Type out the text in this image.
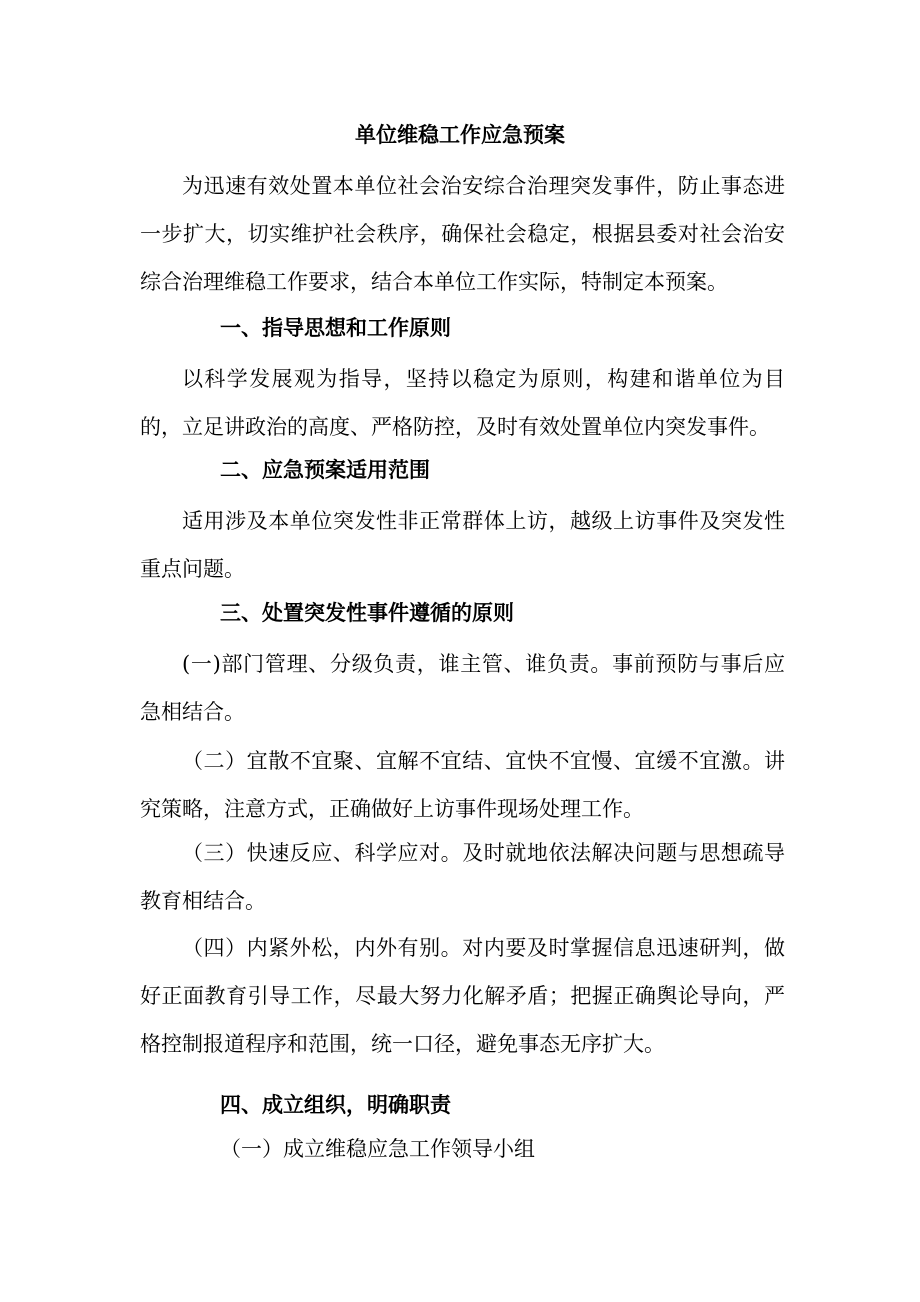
单位维稳工作应急预案

为迅速有效处置本单位社会治安综合治理突发事件，防止事态进一步扩大，切实维护社会秩序，确保社会稳定，根据县委对社会治安综合治理维稳工作要求，结合本单位工作实际，特制定本预案。

一、指导思想和工作原则

以科学发展观为指导，坚持以稳定为原则，构建和谐单位为目的，立足讲政治的高度、严格防控，及时有效处置单位内突发事件。

二、应急预案适用范围

适用涉及本单位突发性非正常群体上访，越级上访事件及突发性重点问题。

三、处置突发性事件遵循的原则

(一)部门管理、分级负责，谁主管、谁负责。事前预防与事后应急相结合。

（二）宜散不宜聚、宜解不宜结、宜快不宜慢、宜缓不宜激。讲究策略，注意方式，正确做好上访事件现场处理工作。

（三）快速反应、科学应对。及时就地依法解决问题与思想疏导教育相结合。

（四）内紧外松，内外有别。对内要及时掌握信息迅速研判，做好正面教育引导工作，尽最大努力化解矛盾；把握正确舆论导向，严格控制报道程序和范围，统一口径，避免事态无序扩大。

四、成立组织，明确职责
（一）成立维稳应急工作领导小组
